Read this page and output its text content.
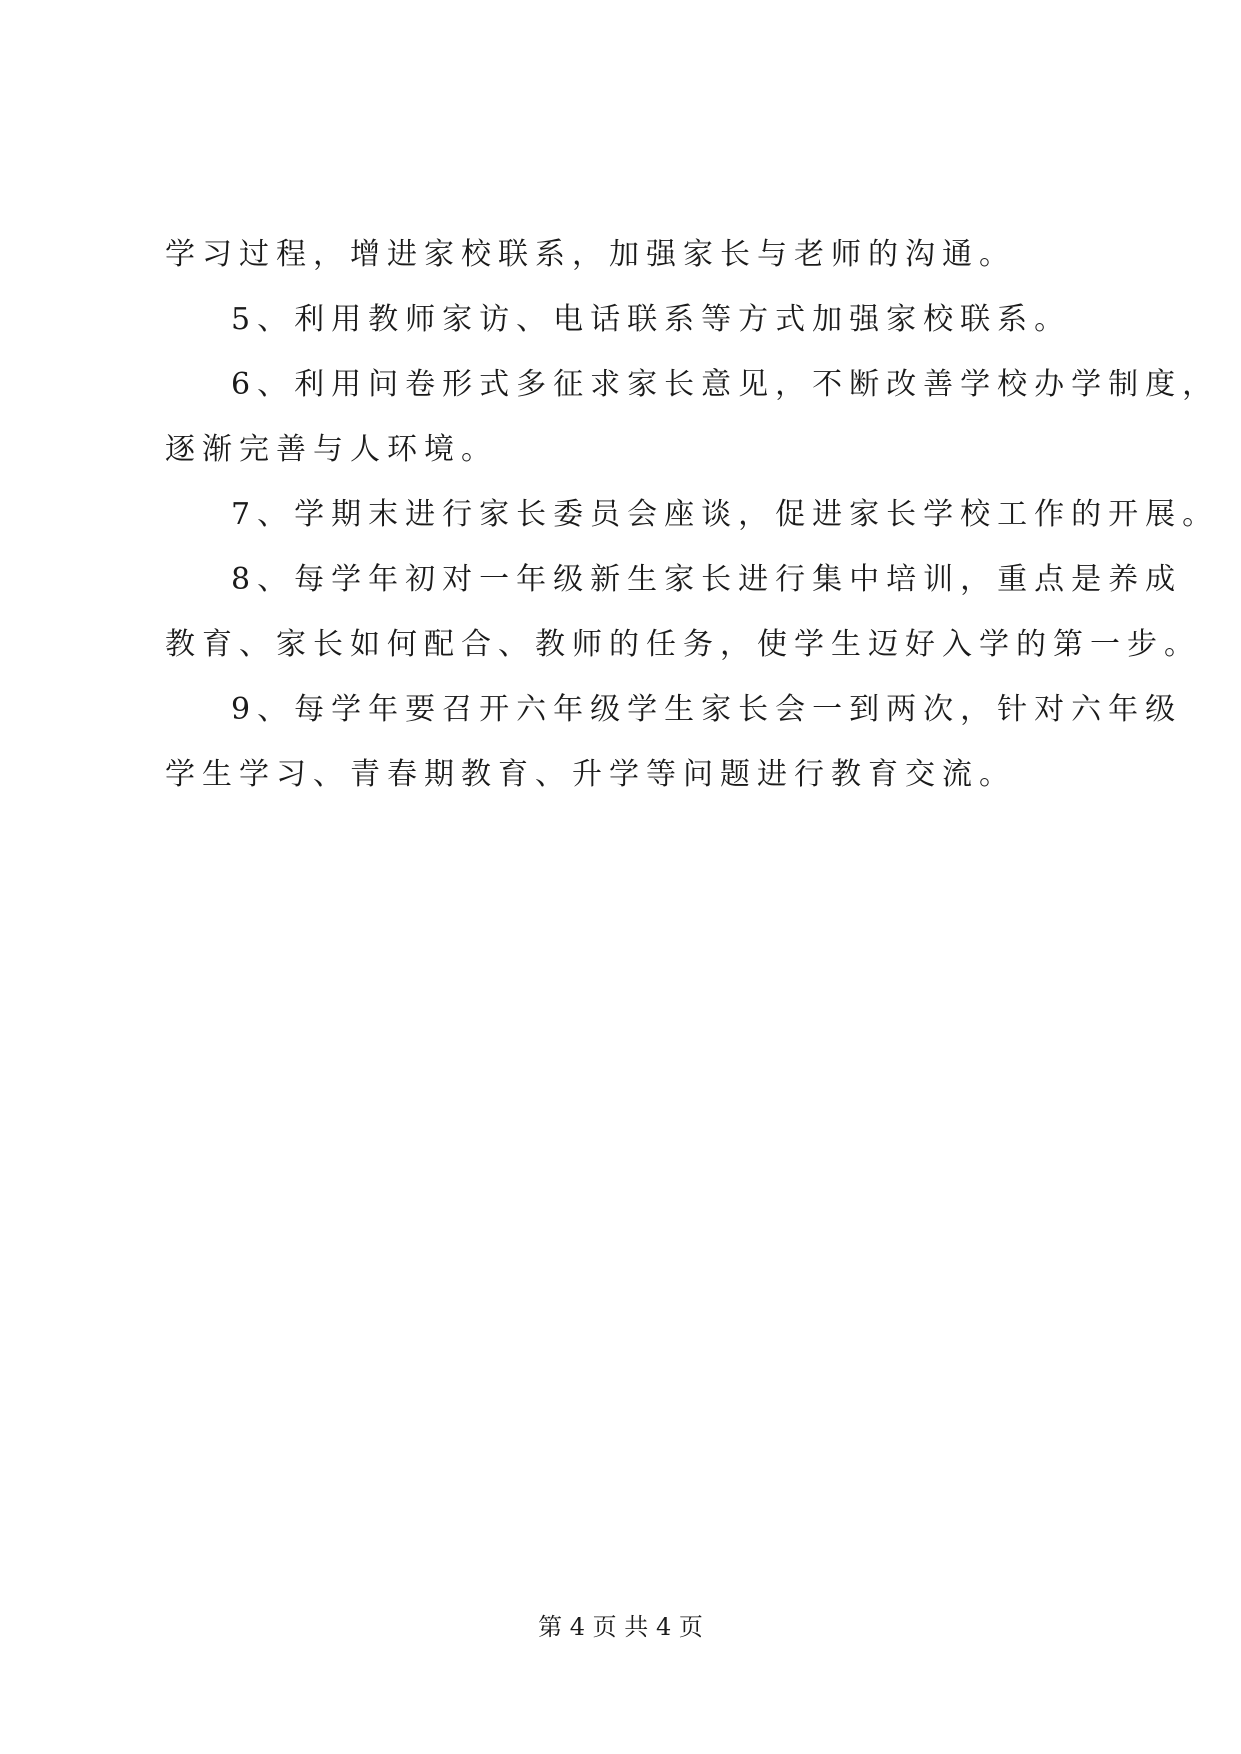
学习过程，增进家校联系，加强家长与老师的沟通。
5、利用教师家访、电话联系等方式加强家校联系。
6、利用问卷形式多征求家长意见，不断改善学校办学制度，
逐渐完善与人环境。
7、学期末进行家长委员会座谈，促进家长学校工作的开展。
8、每学年初对一年级新生家长进行集中培训，重点是养成
教育、家长如何配合、教师的任务，使学生迈好入学的第一步。
9、每学年要召开六年级学生家长会一到两次，针对六年级
学生学习、青春期教育、升学等问题进行教育交流。
第 4 页 共 4 页
